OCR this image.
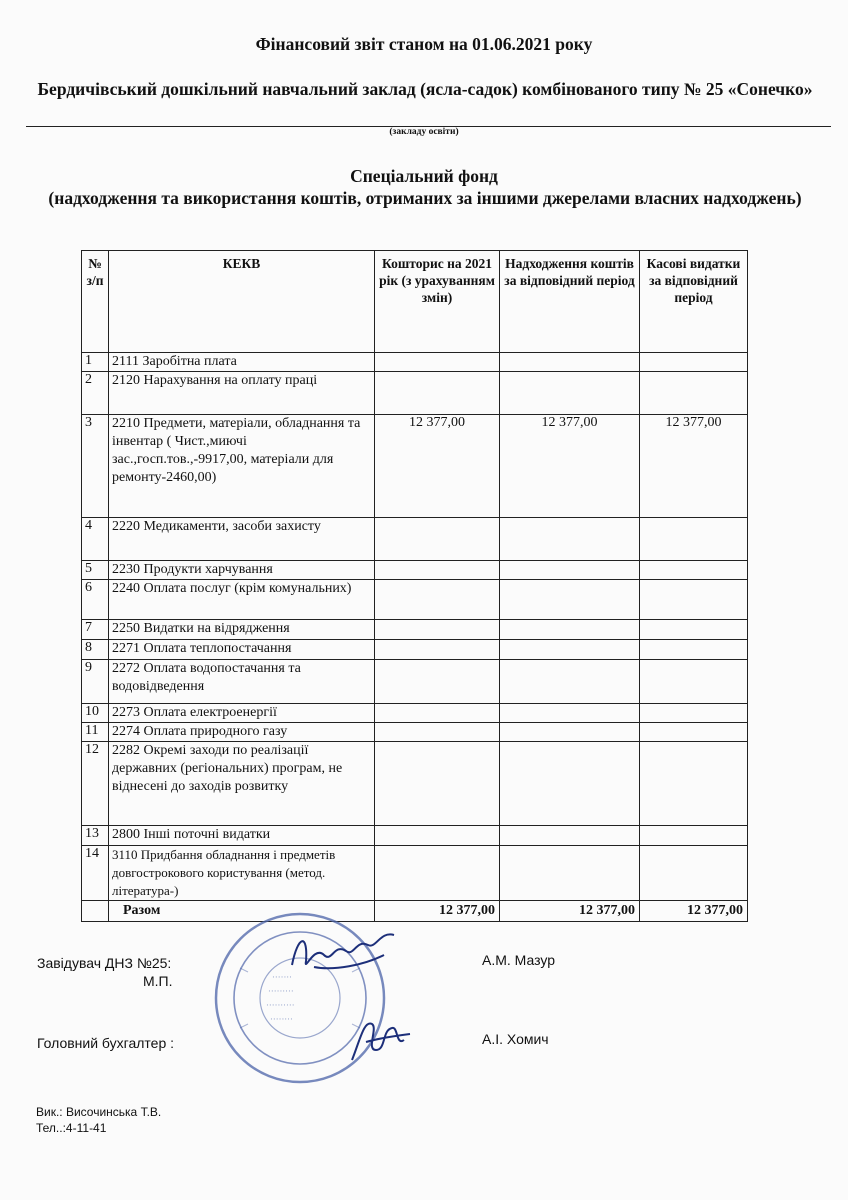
Фінансовий звіт станом на 01.06.2021 року
Бердичівський дошкільний навчальний заклад (ясла-садок) комбінованого типу № 25 «Сонечко»
(закладу освіти)
Спеціальний фонд
(надходження та використання коштів, отриманих за іншими джерелами власних надходжень)
№ з/п	КЕКВ	Кошторис на 2021 рік (з урахуванням змін)	Надходження коштів за відповідний період	Касові видатки за відповідний період
1	2111 Заробітна плата			
2	2120 Нарахування на оплату праці			
3	2210 Предмети, матеріали, обладнання та інвентар ( Чист.,миючі зас.,госп.тов.,-9917,00, матеріали для ремонту-2460,00)	12 377,00	12 377,00	12 377,00
4	2220 Медикаменти, засоби захисту			
5	2230 Продукти харчування			
6	2240 Оплата послуг (крім комунальних)			
7	2250 Видатки на відрядження			
8	2271 Оплата теплопостачання			
9	2272 Оплата водопостачання та водовідведення			
10	2273 Оплата електроенергії			
11	2274 Оплата природного газу			
12	2282 Окремі заходи по реалізації державних (регіональних) програм, не віднесені до заходів розвитку			
13	2800 Інші поточні видатки			
14	3110 Придбання обладнання і предметів довгострокового користування (метод. література-)			
	Разом	12 377,00	12 377,00	12 377,00
·······
·········
··········
········
Завідувач ДНЗ №25:	А.М. Мазур
М.П.
Головний бухгалтер :	А.І. Хомич
Вик.: Височинська Т.В.
Тел..:4-11-41
